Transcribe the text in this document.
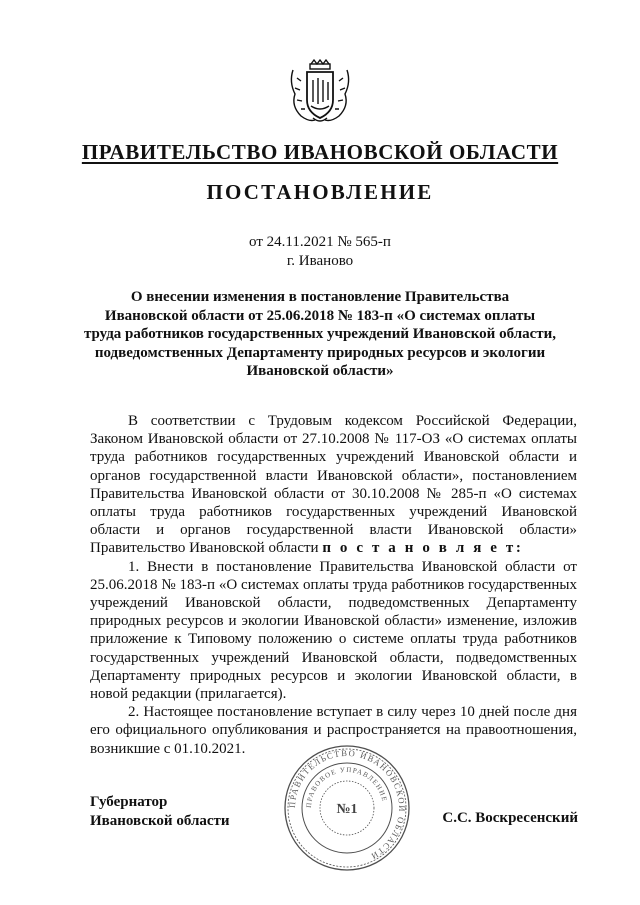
ПРАВИТЕЛЬСТВО ИВАНОВСКОЙ ОБЛАСТИ
ПОСТАНОВЛЕНИЕ
от 24.11.2021 № 565-п
г. Иваново
О внесении изменения в постановление Правительства
Ивановской области от 25.06.2018 № 183-п «О системах оплаты
труда работников государственных учреждений Ивановской области,
подведомственных Департаменту природных ресурсов и экологии
Ивановской области»

В соответствии с Трудовым кодексом Российской Федерации, Законом Ивановской области от 27.10.2008 № 117-ОЗ «О системах оплаты труда работников государственных учреждений Ивановской области и органов государственной власти Ивановской области», постановлением Правительства Ивановской области от 30.10.2008 № 285-п «О системах оплаты труда работников государственных учреждений Ивановской области и органов государственной власти Ивановской области» Правительство Ивановской области п о с т а н о в л я е т:

1. Внести в постановление Правительства Ивановской области от 25.06.2018 № 183-п «О системах оплаты труда работников государственных учреждений Ивановской области, подведомственных Департаменту природных ресурсов и экологии Ивановской области» изменение, изложив приложение к Типовому положению о системе оплаты труда работников государственных учреждений Ивановской области, подведомственных Департаменту природных ресурсов и экологии Ивановской области, в новой редакции (прилагается).

2. Настоящее постановление вступает в силу через 10 дней после дня его официального опубликования и распространяется на правоотношения, возникшие с 01.10.2021.

Губернатор
Ивановской области	С.С. Воскресенский
ПРАВИТЕЛЬСТВО ИВАНОВСКОЙ ОБЛАСТИ
ПРАВОВОЕ УПРАВЛЕНИЕ
№1
